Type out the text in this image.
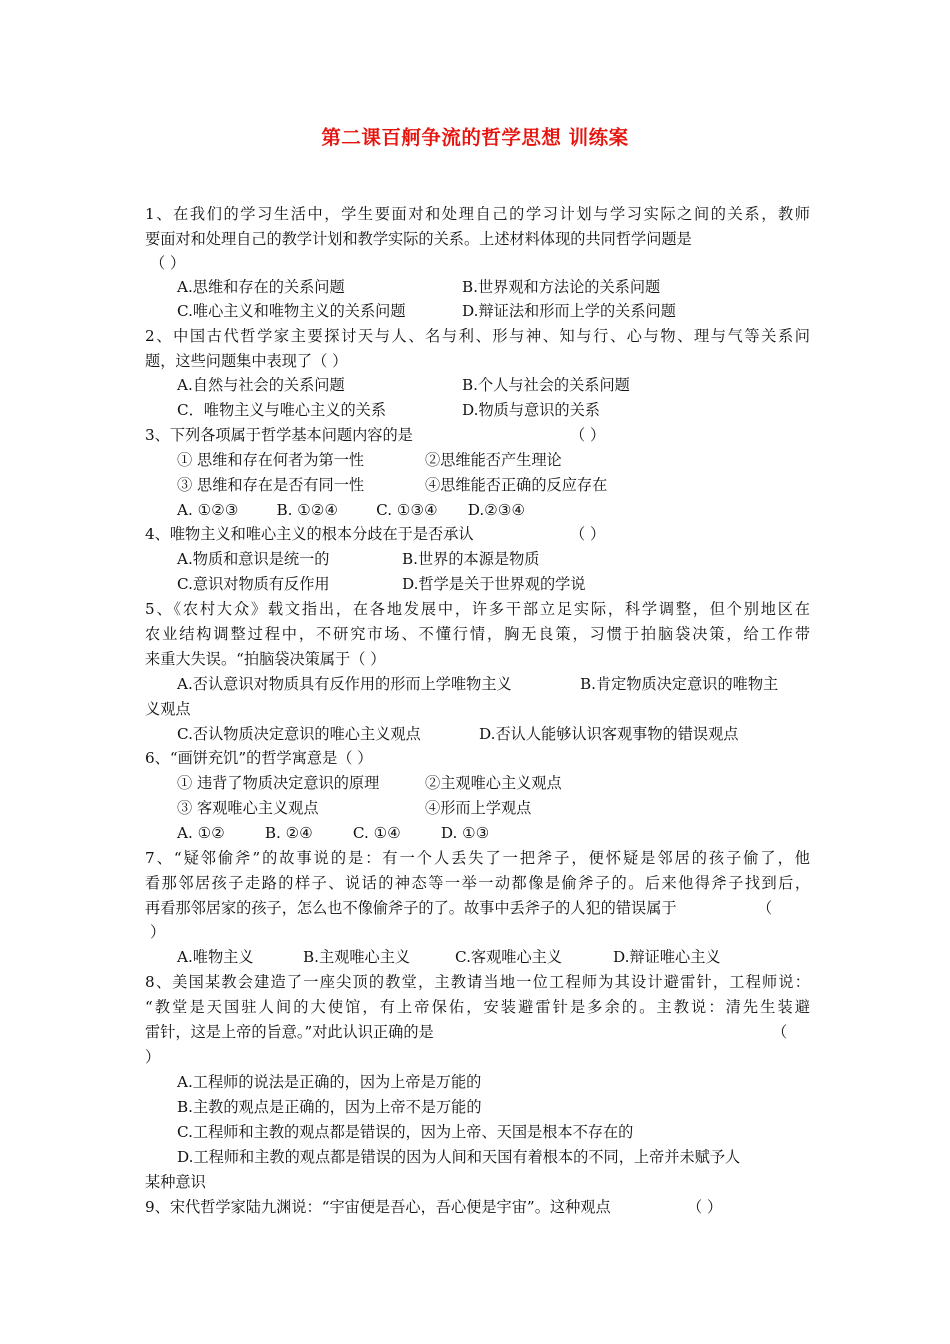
第二课百舸争流的哲学思想 训练案
1、在我们的学习生活中，学生要面对和处理自己的学习计划与学习实际之间的关系，教师
要面对和处理自己的教学计划和教学实际的关系。上述材料体现的共同哲学问题是
（ ）
A.思维和存在的关系问题	B.世界观和方法论的关系问题
C.唯心主义和唯物主义的关系问题	D.辩证法和形而上学的关系问题
2、中国古代哲学家主要探讨天与人、名与利、形与神、知与行、心与物、理与气等关系问
题，这些问题集中表现了（ ）
A.自然与社会的关系问题	B.个人与社会的关系问题
C．唯物主义与唯心主义的关系	D.物质与意识的关系
3、下列各项属于哲学基本问题内容的是	（ ）
① 思维和存在何者为第一性	②思维能否产生理论
③ 思维和存在是否有同一性	④思维能否正确的反应存在
A. ①②③	B. ①②④	C. ①③④ D.②③④
4、唯物主义和唯心主义的根本分歧在于是否承认	（ ）
A.物质和意识是统一的	B.世界的本源是物质
C.意识对物质有反作用	D.哲学是关于世界观的学说
5、《农村大众》载文指出，在各地发展中，许多干部立足实际，科学调整，但个别地区在
农业结构调整过程中，不研究市场、不懂行情，胸无良策，习惯于拍脑袋决策，给工作带
来重大失误。“拍脑袋决策属于（ ）
A.否认意识对物质具有反作用的形而上学唯物主义	B.肯定物质决定意识的唯物主
义观点
C.否认物质决定意识的唯心主义观点	D.否认人能够认识客观事物的错误观点
6、“画饼充饥”的哲学寓意是（ ）
① 违背了物质决定意识的原理	②主观唯心主义观点
③ 客观唯心主义观点	④形而上学观点
A. ①②	B. ②④	C. ①④	D. ①③
7、“疑邻偷斧”的故事说的是：有一个人丢失了一把斧子，便怀疑是邻居的孩子偷了，他
看那邻居孩子走路的样子、说话的神态等一举一动都像是偷斧子的。后来他得斧子找到后，
再看那邻居家的孩子，怎么也不像偷斧子的了。故事中丢斧子的人犯的错误属于	（
）
A.唯物主义	B.主观唯心主义	C.客观唯心主义	D.辩证唯心主义
8、美国某教会建造了一座尖顶的教堂，主教请当地一位工程师为其设计避雷针，工程师说：
“教堂是天国驻人间的大使馆，有上帝保佑，安装避雷针是多余的。主教说：清先生装避
雷针，这是上帝的旨意。”对此认识正确的是	（
）
A.工程师的说法是正确的，因为上帝是万能的
B.主教的观点是正确的，因为上帝不是万能的
C.工程师和主教的观点都是错误的，因为上帝、天国是根本不存在的
D.工程师和主教的观点都是错误的因为人间和天国有着根本的不同，上帝并未赋予人
某种意识
9、宋代哲学家陆九渊说：“宇宙便是吾心，吾心便是宇宙”。这种观点	（ ）
